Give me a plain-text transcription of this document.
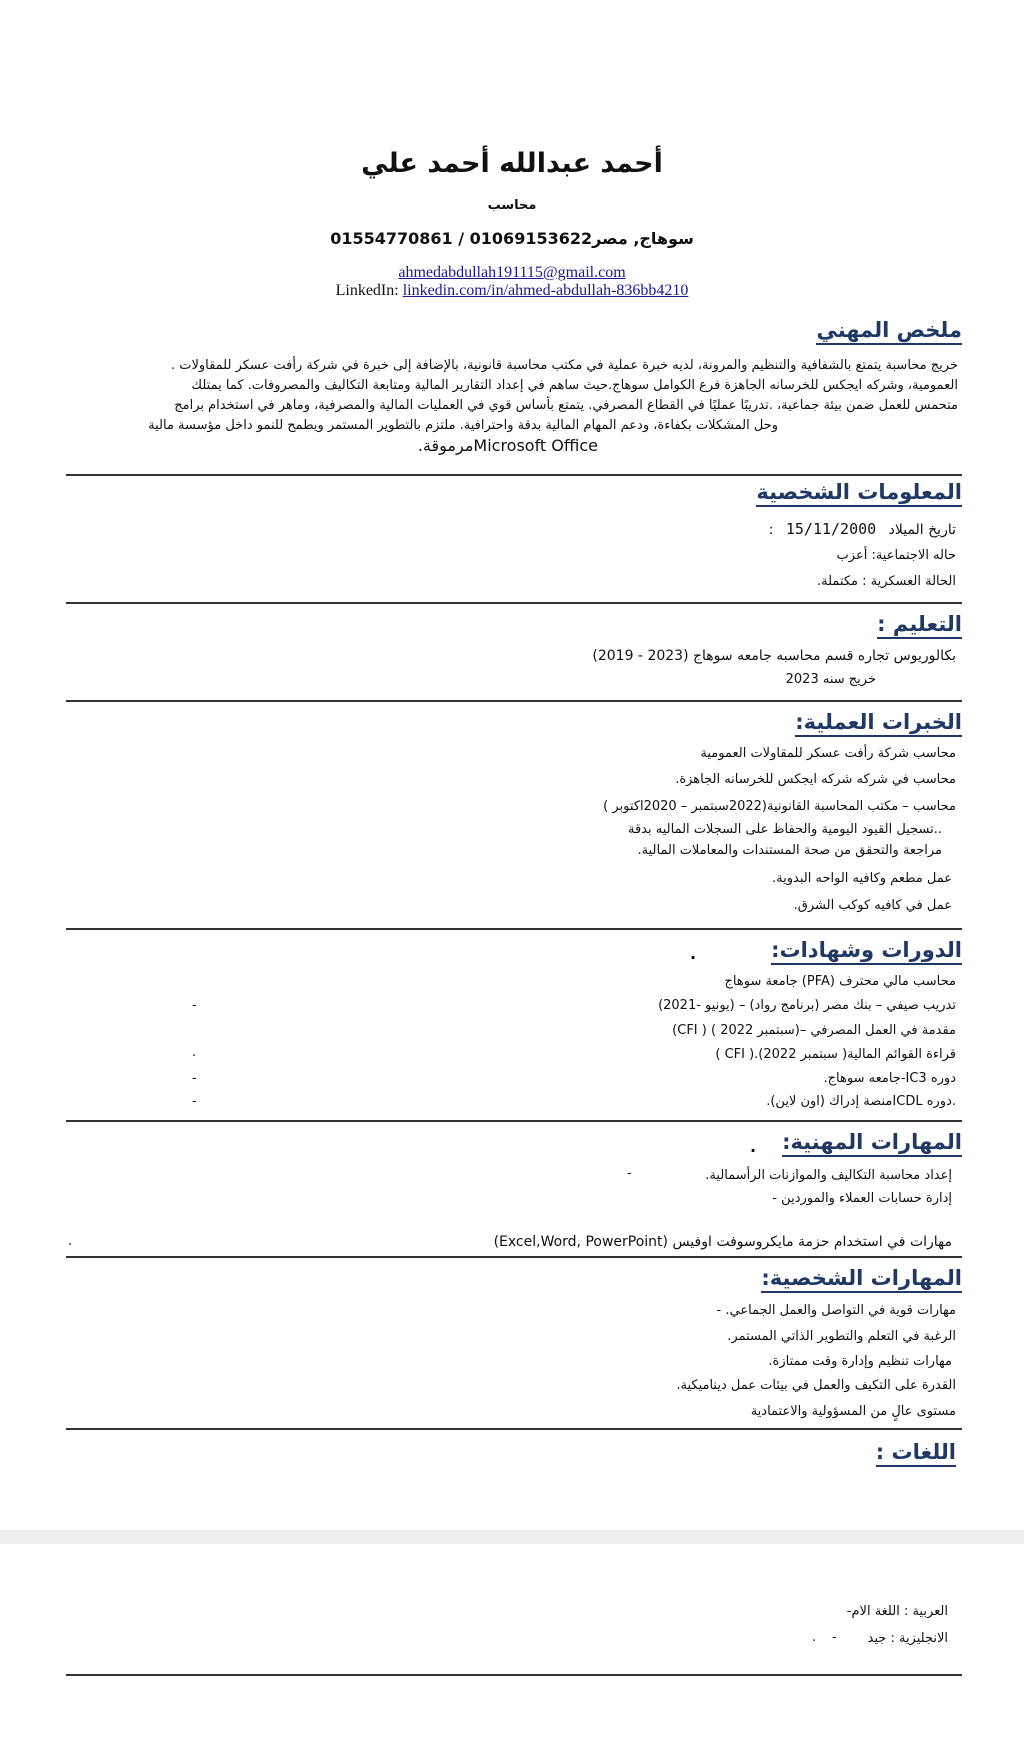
أحمد عبدالله أحمد علي
محاسب
سوهاج, مصر01069153622 / 01554770861
ahmedabdullah191115@gmail.com
LinkedIn: linkedin.com/in/ahmed-abdullah-836bb4210
ملخص المهني
خريج محاسبة يتمتع بالشفافية والتنظيم والمرونة، لديه خبرة عملية في مكتب محاسبة قانونية، بالإضافة إلى خبرة في شركة رأفت عسكر للمقاولات .
العمومية، وشركه ايجكس للخرسانه الجاهزة فرع الكوامل سوهاج.حيث ساهم في إعداد التقارير المالية ومتابعة التكاليف والمصروفات. كما يمتلك
متحمس للعمل ضمن بيئة جماعية، .تدريبًا عمليًا في القطاع المصرفي. يتمتع بأساس قوي في العمليات المالية والمصرفية، وماهر في استخدام برامج
وحل المشكلات بكفاءة، ودعم المهام المالية بدقة واحترافية. ملتزم بالتطوير المستمر ويطمح للنمو داخل مؤسسة مالية
Microsoft Officeمرموقة.
المعلومات الشخصية
تاريخ الميلاد 15/11/2000 :
حاله الاجتماعية: أعزب
الحالة العسكرية : مكتملة.
التعليم :
بكالوريوس تجاره قسم محاسبه جامعه سوهاج (2023 - 2019)
خريج سنه 2023
الخبرات العملية:
محاسب شركة رأفت عسكر للمقاولات العمومية
محاسب في شركه شركه ايجكس للخرسانه الجاهزة.
محاسب – مكتب المحاسبة القانونية(2022سبتمبر – 2020اكتوبر )
..تسجيل القيود اليومية والحفاظ على السجلات الماليه بدقة
مراجعة والتحقق من صحة المستندات والمعاملات المالية.
عمل مطعم وكافيه الواحه البدوية.
عمل في كافيه كوكب الشرق.
الدورات وشهادات:
.
محاسب مالي محترف (PFA) جامعة سوهاج
تدريب صيفي – بنك مصر (برنامج رواد) – (يونيو -2021)
مقدمة في العمل المصرفي –(سبتمبر 2022 ) ( CFI)
قراءة القوائم المالية( سبتمبر 2022).( CFI )
دوره IC3-جامعه سوهاج.
.دوره ICDLمنصة إدراك (اون لاين).
-
.
-
-
المهارات المهنية:
.
إعداد محاسبة التكاليف والموازنات الرأسمالية.
إدارة حسابات العملاء والموردين -
مهارات في استخدام حزمة مايكروسوفت اوفيس (Excel,Word, PowerPoint)
-
.
المهارات الشخصية:
مهارات قوية في التواصل والعمل الجماعي. -
الرغبة في التعلم والتطوير الذاتي المستمر.
مهارات تنظيم وإدارة وقت ممتازة.
القدرة على التكيف والعمل في بيئات عمل ديناميكية.
مستوى عالٍ من المسؤولية والاعتمادية
اللغات :
العربية : اللغة الام-
الانجليزية : جيد
-
.
